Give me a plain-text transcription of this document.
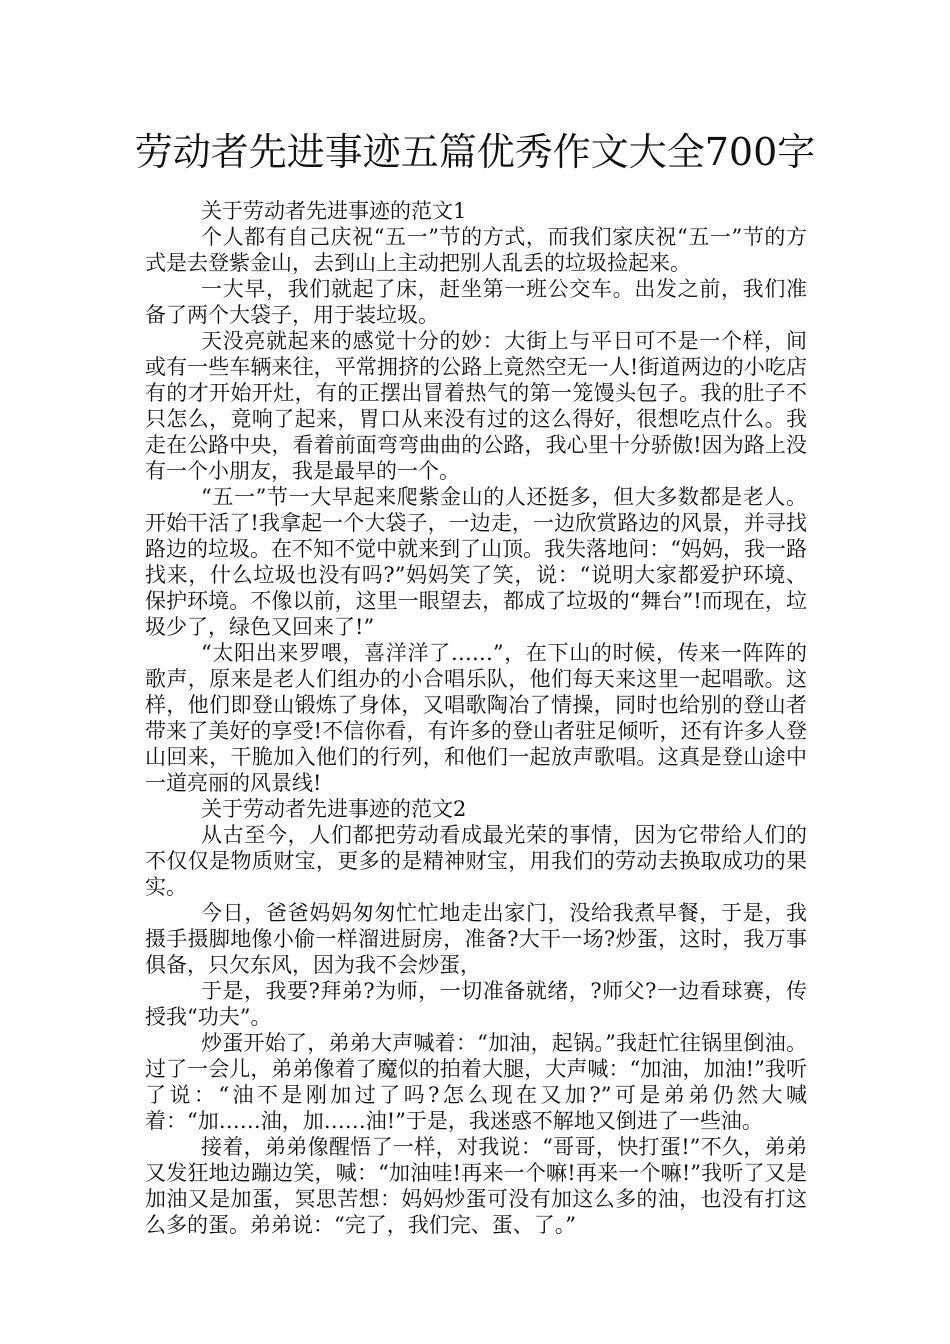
劳动者先进事迹五篇优秀作文大全700字

关于劳动者先进事迹的范文1

个人都有自己庆祝“五一”节的方式，而我们家庆祝“五一”节的方式是去登紫金山，去到山上主动把别人乱丢的垃圾捡起来。

一大早，我们就起了床，赶坐第一班公交车。出发之前，我们准备了两个大袋子，用于装垃圾。

天没亮就起来的感觉十分的妙：大街上与平日可不是一个样，间或有一些车辆来往，平常拥挤的公路上竟然空无一人!街道两边的小吃店有的才开始开灶，有的正摆出冒着热气的第一笼馒头包子。我的肚子不只怎么，竟响了起来，胃口从来没有过的这么得好，很想吃点什么。我走在公路中央，看着前面弯弯曲曲的公路，我心里十分骄傲!因为路上没有一个小朋友，我是最早的一个。

“五一”节一大早起来爬紫金山的人还挺多，但大多数都是老人。开始干活了!我拿起一个大袋子，一边走，一边欣赏路边的风景，并寻找路边的垃圾。在不知不觉中就来到了山顶。我失落地问：“妈妈，我一路找来，什么垃圾也没有吗?”妈妈笑了笑，说：“说明大家都爱护环境、保护环境。不像以前，这里一眼望去，都成了垃圾的“舞台”!而现在，垃圾少了，绿色又回来了!”

“太阳出来罗喂，喜洋洋了……”，在下山的时候，传来一阵阵的歌声，原来是老人们组办的小合唱乐队，他们每天来这里一起唱歌。这样，他们即登山锻炼了身体，又唱歌陶冶了情操，同时也给别的登山者带来了美好的享受!不信你看，有许多的登山者驻足倾听，还有许多人登山回来，干脆加入他们的行列，和他们一起放声歌唱。这真是登山途中一道亮丽的风景线!

关于劳动者先进事迹的范文2

从古至今，人们都把劳动看成最光荣的事情，因为它带给人们的不仅仅是物质财宝，更多的是精神财宝，用我们的劳动去换取成功的果实。

今日，爸爸妈妈匆匆忙忙地走出家门，没给我煮早餐，于是，我摄手摄脚地像小偷一样溜进厨房，准备?大干一场?炒蛋，这时，我万事俱备，只欠东风，因为我不会炒蛋，

于是，我要?拜弟?为师，一切准备就绪，?师父?一边看球赛，传授我“功夫”。

炒蛋开始了，弟弟大声喊着：“加油，起锅。”我赶忙往锅里倒油。过了一会儿，弟弟像着了魔似的拍着大腿，大声喊：“加油，加油!”我听了说：“油不是刚加过了吗?怎么现在又加?”可是弟弟仍然大喊着：“加……油，加……油!”于是，我迷惑不解地又倒进了一些油。

接着，弟弟像醒悟了一样，对我说：“哥哥，快打蛋!”不久，弟弟又发狂地边蹦边笑，喊：“加油哇!再来一个嘛!再来一个嘛!”我听了又是加油又是加蛋，冥思苦想：妈妈炒蛋可没有加这么多的油，也没有打这么多的蛋。弟弟说：“完了，我们完、蛋、了。”
